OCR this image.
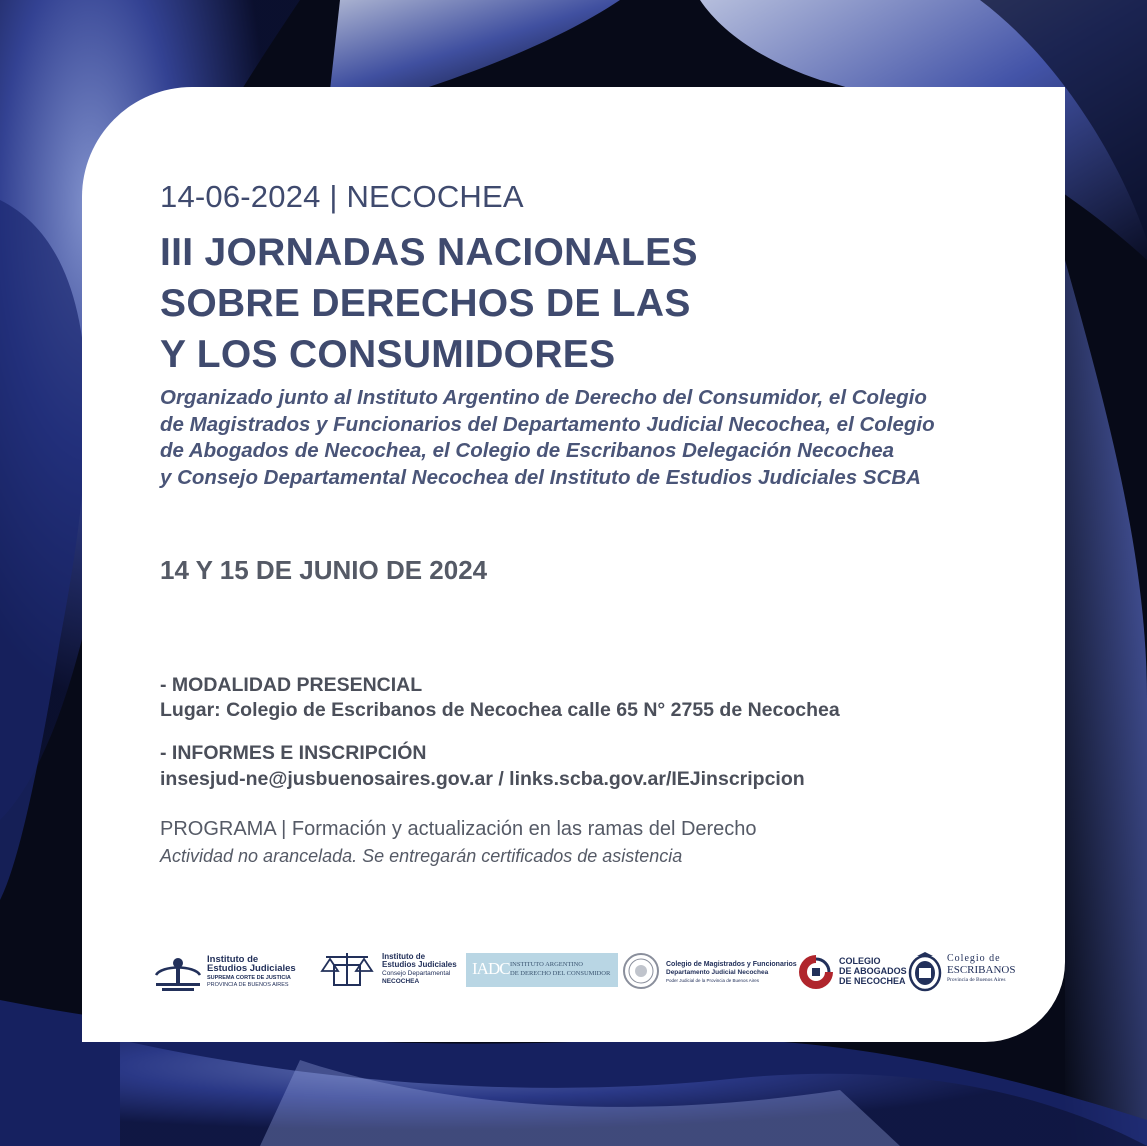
14-06-2024 | NECOCHEA
III JORNADAS NACIONALES
SOBRE DERECHOS DE LAS
Y LOS CONSUMIDORES
Organizado junto al Instituto Argentino de Derecho del Consumidor, el Colegio
de Magistrados y Funcionarios del Departamento Judicial Necochea, el Colegio
de Abogados de Necochea, el Colegio de Escribanos Delegación Necochea
y Consejo Departamental Necochea del Instituto de Estudios Judiciales SCBA
14 Y 15 DE JUNIO DE 2024
- MODALIDAD PRESENCIAL
Lugar: Colegio de Escribanos de Necochea calle 65 N° 2755 de Necochea
- INFORMES E INSCRIPCIÓN
insesjud-ne@jusbuenosaires.gov.ar / links.scba.gov.ar/IEJinscripcion
PROGRAMA | Formación y actualización en las ramas del Derecho
Actividad no arancelada. Se entregarán certificados de asistencia
Instituto de
Estudios Judiciales
SUPREMA CORTE DE JUSTICIA
PROVINCIA DE BUENOS AIRES
Instituto de
Estudios Judiciales
Consejo Departamental
NECOCHEA
IADC INSTITUTO ARGENTINO
DE DERECHO DEL CONSUMIDOR
Colegio de Magistrados y Funcionarios
Departamento Judicial Necochea
Poder Judicial de la Provincia de Buenos Aires
COLEGIO
DE ABOGADOS
DE NECOCHEA
Colegio de
ESCRIBANOS
Provincia de Buenos Aires
